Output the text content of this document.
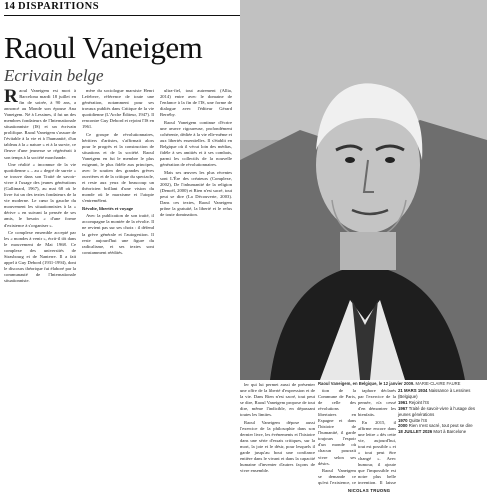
14 DISPARITIONS
Raoul Vaneigem
Ecrivain belge

Raoul Vaneigem est mort à Barcelona mardi 18 juillet en fin de soirée, à 90 ans, a annoncé au Monde son épouse Ana Vaneigem. Né à Lessines, il fut un des membres fondateurs de l'Internationale situationniste (IS) et un écrivain prolifique. Raoul Vaneigem s'assure de l'évitable à la vie et à l'humanité, d'un tableau à la « nature » et à la survie, ce fleuve d'une jeunesse se régénérait à son temps à la société marchande.

Une réalité « inconnue de la vie quotidienne » – au « degré de survie » se trouve dans son Traité de savoir-vivre à l'usage des jeunes générations (Gallimard, 1967), au mai 68 où le livre fut un des textes fondateurs de la vie moderne. Le cœur la gauche du mouvement les situationnistes à la « dérive » en suivant la pensée de ses amis, le besoin « d'une forme d'existence à s'organiser ».

Ce complexe ensemble accepté par les « mondes à venir », écrit-il tôt dans le mouvement de Mai 1968. Ce complexe des universités de Strasbourg et de Nanterre. Il a fait appel à Guy Debord (1931-1994), dont le discours théorique fut élaboré par la communauté de l'Internationale situationniste.

mère du sociologue marxiste Henri Lefebvre, référence de toute une génération, notamment pour ses travaux publiés dans Critique de la vie quotidienne (L'Arche Éditeur, 1947). Il rencontre Guy Debord et rejoint l'IS en 1961.

Ce groupe de révolutionnaires, héritiers d'artistes, s'affirmait alors pour le progrès et la construction de situations et de la société. Raoul Vaneigem en fut le membre le plus exigeant, le plus fidèle aux principes, avec le soutien des grandes grèves ouvrières et de la critique du spectacle, et reste aux yeux de beaucoup un théoricien brillant d'une vision du monde où le marxisme et l'utopie s'entremêlent.

Révolte, libertés et voyage

Avec la publication de son traité, il accompagne la montée de la révolte. Il ne revient pas sur ses choix : il défend la grève générale et l'autogestion. Il reste aujourd'hui une figure du radicalisme, et ses textes sont constamment réédités.

ultra-fiel, tout autrement (Allia, 2014) entre avec le domaine de l'enfance à la fin de l'IS, une forme de dialogue avec l'éditeur Gérard Berréby.

Raoul Vaneigem continue d'écrire une œuvre rigoureuse, profondément cohérente, dédiée à la vie elle-même et aux libertés essentielles. Il s'établit en Belgique où il vécut loin des médias, fidèle à ses amitiés et à ses combats, parmi les collectifs de la nouvelle génération de révolutionnaires.

Mais ses œuvres les plus récentes sont L'Ère des créateurs (Complexe, 2002), De l'inhumanité de la religion (Denoël, 2000) et Rien n'est sacré, tout peut se dire (La Découverte, 2003). Dans ces textes, Raoul Vaneigem prône la gratuité, la liberté et le refus de toute domination.

ler qui lui permet aussi de présenter une offre de la liberté d'expression et de la vie. Dans Rien n'est sacré, tout peut se dire, Raoul Vaneigem propose de tout dire, même l'indicible, en dépassant toutes les limites.

Raoul Vaneigem dépose aussi l'exercice de la philosophie dans son dernier livre, les événements et l'histoire dans une série d'essais critiques, sur la mort, la joie et le désir, pour lesquels il garde jusqu'au bout une confiance entière dans le vivant et dans la capacité humaine d'inventer d'autres façons de vivre ensemble.

Raoul Vaneigem, en Belgique, le 12 janvier 2009. MARIE-CLAIRE FAURE

tion de la Commune de Paris, de celle des révolutions libertaires en Espagne et dans l'histoire de l'humanité, il garde toujours l'espoir d'un monde où chacun pourrait vivre selon ses désirs.

Raoul Vaneigem se demande ce qu'est l'existence, ce

taphore déclarés par l'exercice de la pensée, n'a cessé d'en démontrer les bienfaits.

En 2015, il affirme encore dans une lettre « dès cette vie, aujourd'hui, tout est possible » et « tout peut être changé ». Avec humour, il ajoute que l'impossible est notre plus belle invention. Il laisse

21 MARS 1934 Naissance à Lessines (Belgique)
1961 Rejoint l'IS
1967 Traité de savoir-vivre à l'usage des jeunes générations
1970 Quitte l'IS
2000 Rien n'est sacré, tout peut se dire
18 JUILLET 2026 Mort à Barcelone
NICOLAS TRUONG
